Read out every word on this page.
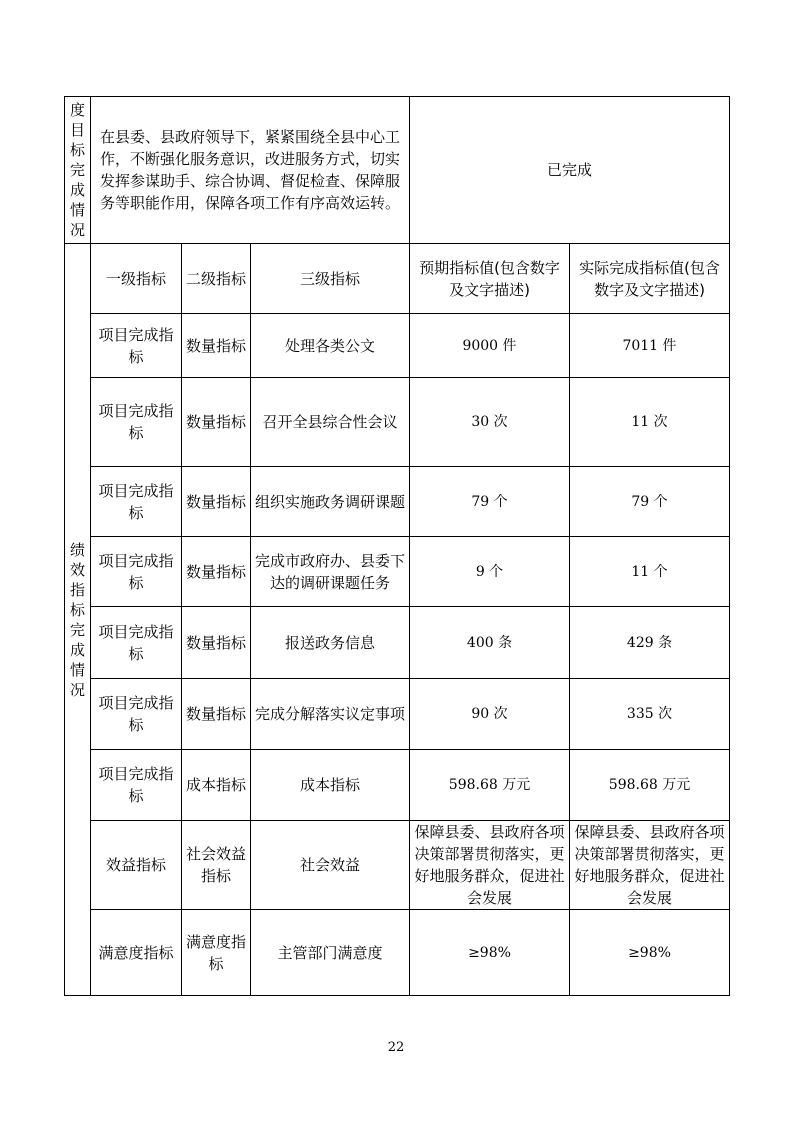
度目标完成情况	在县委、县政府领导下，紧紧围绕全县中心工作，不断强化服务意识，改进服务方式，切实发挥参谋助手、综合协调、督促检查、保障服务等职能作用，保障各项工作有序高效运转。			已完成	

绩效指标完成情况	一级指标	二级指标	三级指标	预期指标值(包含数字及文字描述)	实际完成指标值(包含数字及文字描述)
	项目完成指标	数量指标	处理各类公文	9000 件	7011 件
	项目完成指标	数量指标	召开全县综合性会议	30 次	11 次
	项目完成指标	数量指标	组织实施政务调研课题	79 个	79 个
	项目完成指标	数量指标	完成市政府办、县委下达的调研课题任务	9 个	11 个
	项目完成指标	数量指标	报送政务信息	400 条	429 条
	项目完成指标	数量指标	完成分解落实议定事项	90 次	335 次
	项目完成指标	成本指标	成本指标	598.68 万元	598.68 万元
	效益指标	社会效益指标	社会效益	保障县委、县政府各项决策部署贯彻落实，更好地服务群众，促进社会发展	保障县委、县政府各项决策部署贯彻落实，更好地服务群众，促进社会发展
	满意度指标	满意度指标	主管部门满意度	≥98%	≥98%
22
